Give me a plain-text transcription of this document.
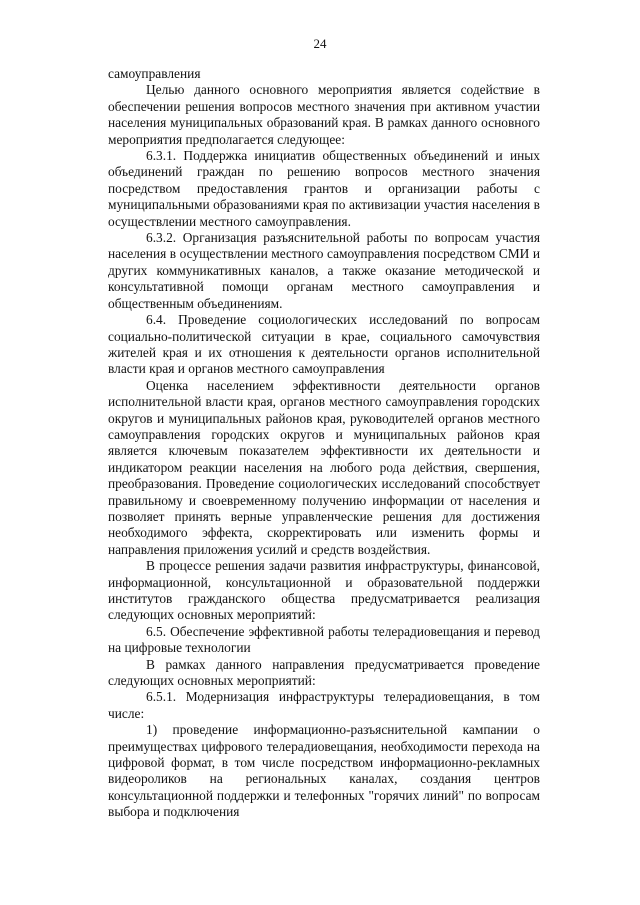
24

самоуправления

Целью данного основного мероприятия является содействие в обеспечении решения вопросов местного значения при активном участии населения муниципальных образований края. В рамках данного основного мероприятия предполагается следующее:

6.3.1. Поддержка инициатив общественных объединений и иных объединений граждан по решению вопросов местного значения посредством предоставления грантов и организации работы с муниципальными образованиями края по активизации участия населения в осуществлении местного самоуправления.

6.3.2. Организация разъяснительной работы по вопросам участия населения в осуществлении местного самоуправления посредством СМИ и других коммуникативных каналов, а также оказание методической и консультативной помощи органам местного самоуправления и общественным объединениям.

6.4. Проведение социологических исследований по вопросам социально-политической ситуации в крае, социального самочувствия жителей края и их отношения к деятельности органов исполнительной власти края и органов местного самоуправления

Оценка населением эффективности деятельности органов исполнительной власти края, органов местного самоуправления городских округов и муниципальных районов края, руководителей органов местного самоуправления городских округов и муниципальных районов края является ключевым показателем эффективности их деятельности и индикатором реакции населения на любого рода действия, свершения, преобразования. Проведение социологических исследований способствует правильному и своевременному получению информации от населения и позволяет принять верные управленческие решения для достижения необходимого эффекта, скорректировать или изменить формы и направления приложения усилий и средств воздействия.

В процессе решения задачи развития инфраструктуры, финансовой, информационной, консультационной и образовательной поддержки институтов гражданского общества предусматривается реализация следующих основных мероприятий:

6.5. Обеспечение эффективной работы телерадиовещания и перевод на цифровые технологии

В рамках данного направления предусматривается проведение следующих основных мероприятий:

6.5.1. Модернизация инфраструктуры телерадиовещания, в том числе:

1) проведение информационно-разъяснительной кампании о преимуществах цифрового телерадиовещания, необходимости перехода на цифровой формат, в том числе посредством информационно-рекламных видеороликов на региональных каналах, создания центров консультационной поддержки и телефонных "горячих линий" по вопросам выбора и подключения
